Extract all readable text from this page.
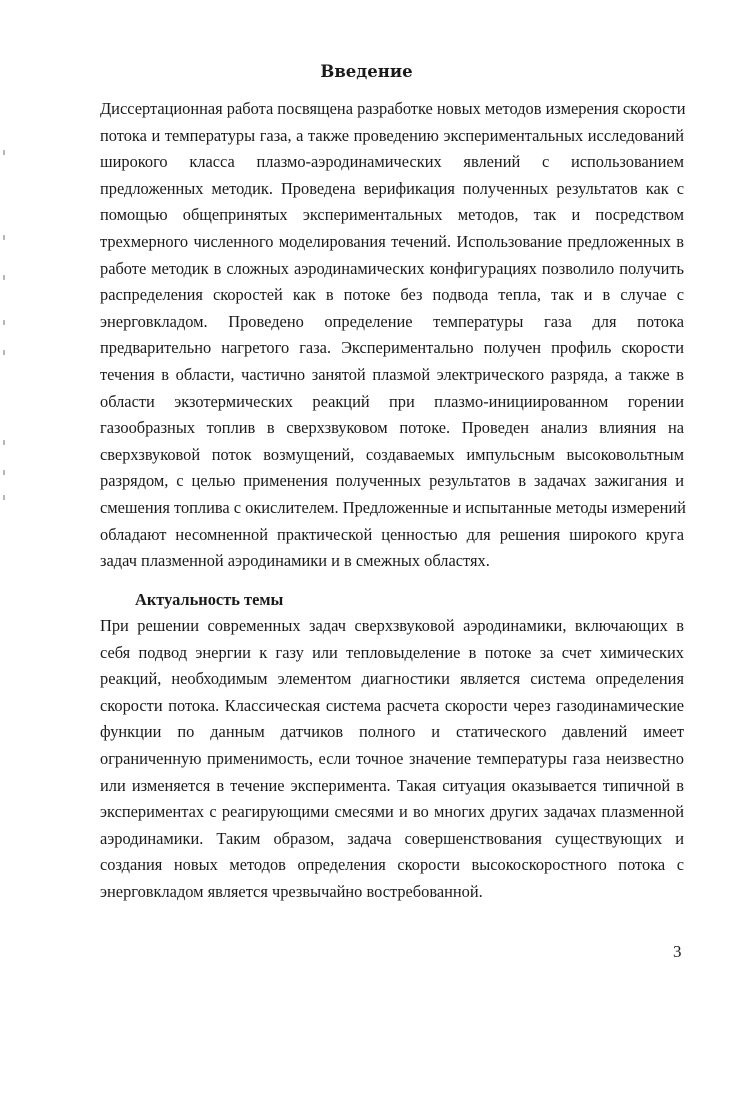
Введение
Диссертационная работа посвящена разработке новых методов измерения скорости
потока и температуры газа, а также проведению экспериментальных исследований
широкого класса плазмо-аэродинамических явлений с использованием
предложенных методик. Проведена верификация полученных результатов как с
помощью общепринятых экспериментальных методов, так и посредством
трехмерного численного моделирования течений. Использование предложенных в
работе методик в сложных аэродинамических конфигурациях позволило получить
распределения скоростей как в потоке без подвода тепла, так и в случае с
энерговкладом. Проведено определение температуры газа для потока
предварительно нагретого газа. Экспериментально получен профиль скорости
течения в области, частично занятой плазмой электрического разряда, а также в
области экзотермических реакций при плазмо-инициированном горении
газообразных топлив в сверхзвуковом потоке. Проведен анализ влияния на
сверхзвуковой поток возмущений, создаваемых импульсным высоковольтным
разрядом, с целью применения полученных результатов в задачах зажигания и
смешения топлива с окислителем. Предложенные и испытанные методы измерений
обладают несомненной практической ценностью для решения широкого круга
задач плазменной аэродинамики и в смежных областях.
Актуальность темы
При решении современных задач сверхзвуковой аэродинамики, включающих в
себя подвод энергии к газу или тепловыделение в потоке за счет химических
реакций, необходимым элементом диагностики является система определения
скорости потока. Классическая система расчета скорости через газодинамические
функции по данным датчиков полного и статического давлений имеет
ограниченную применимость, если точное значение температуры газа неизвестно
или изменяется в течение эксперимента. Такая ситуация оказывается типичной в
экспериментах с реагирующими смесями и во многих других задачах плазменной
аэродинамики. Таким образом, задача совершенствования существующих и
создания новых методов определения скорости высокоскоростного потока с
энерговкладом является чрезвычайно востребованной.
3
